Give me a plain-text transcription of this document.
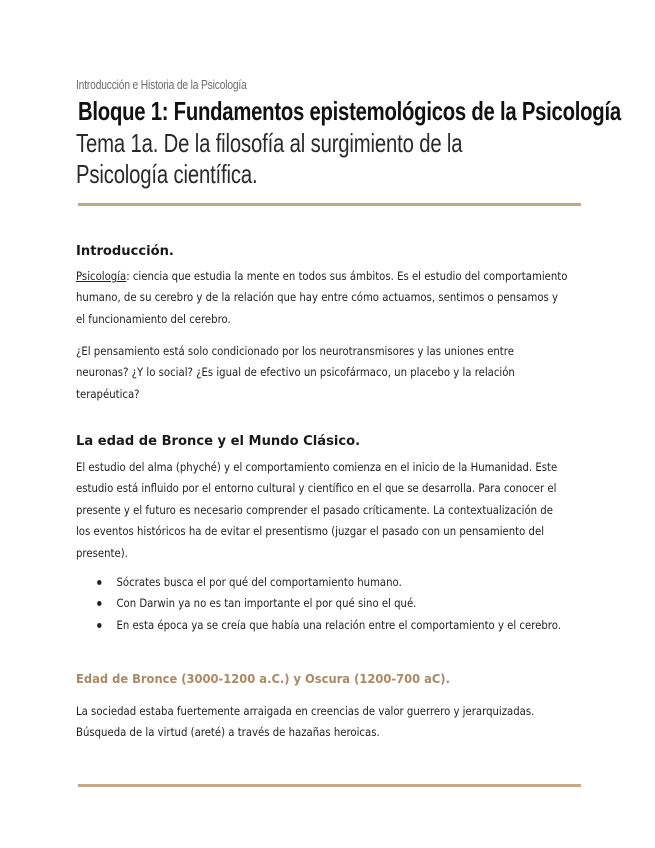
Introducción e Historia de la Psicología
Bloque 1: Fundamentos epistemológicos de la Psicología
Tema 1a. De la filosofía al surgimiento de la Psicología científica.
Introducción.
Psicología: ciencia que estudia la mente en todos sus ámbitos. Es el estudio del comportamiento humano, de su cerebro y de la relación que hay entre cómo actuamos, sentimos o pensamos y el funcionamiento del cerebro.
¿El pensamiento está solo condicionado por los neurotransmisores y las uniones entre neuronas? ¿Y lo social? ¿Es igual de efectivo un psicofármaco, un placebo y la relación terapéutica?
La edad de Bronce y el Mundo Clásico.
El estudio del alma (phyché) y el comportamiento comienza en el inicio de la Humanidad. Este estudio está influido por el entorno cultural y científico en el que se desarrolla. Para conocer el presente y el futuro es necesario comprender el pasado críticamente. La contextualización de los eventos históricos ha de evitar el presentismo (juzgar el pasado con un pensamiento del presente).
Sócrates busca el por qué del comportamiento humano.
Con Darwin ya no es tan importante el por qué sino el qué.
En esta época ya se creía que había una relación entre el comportamiento y el cerebro.
Edad de Bronce (3000-1200 a.C.) y Oscura (1200-700 aC).
La sociedad estaba fuertemente arraigada en creencias de valor guerrero y jerarquizadas. Búsqueda de la virtud (areté) a través de hazañas heroicas.
